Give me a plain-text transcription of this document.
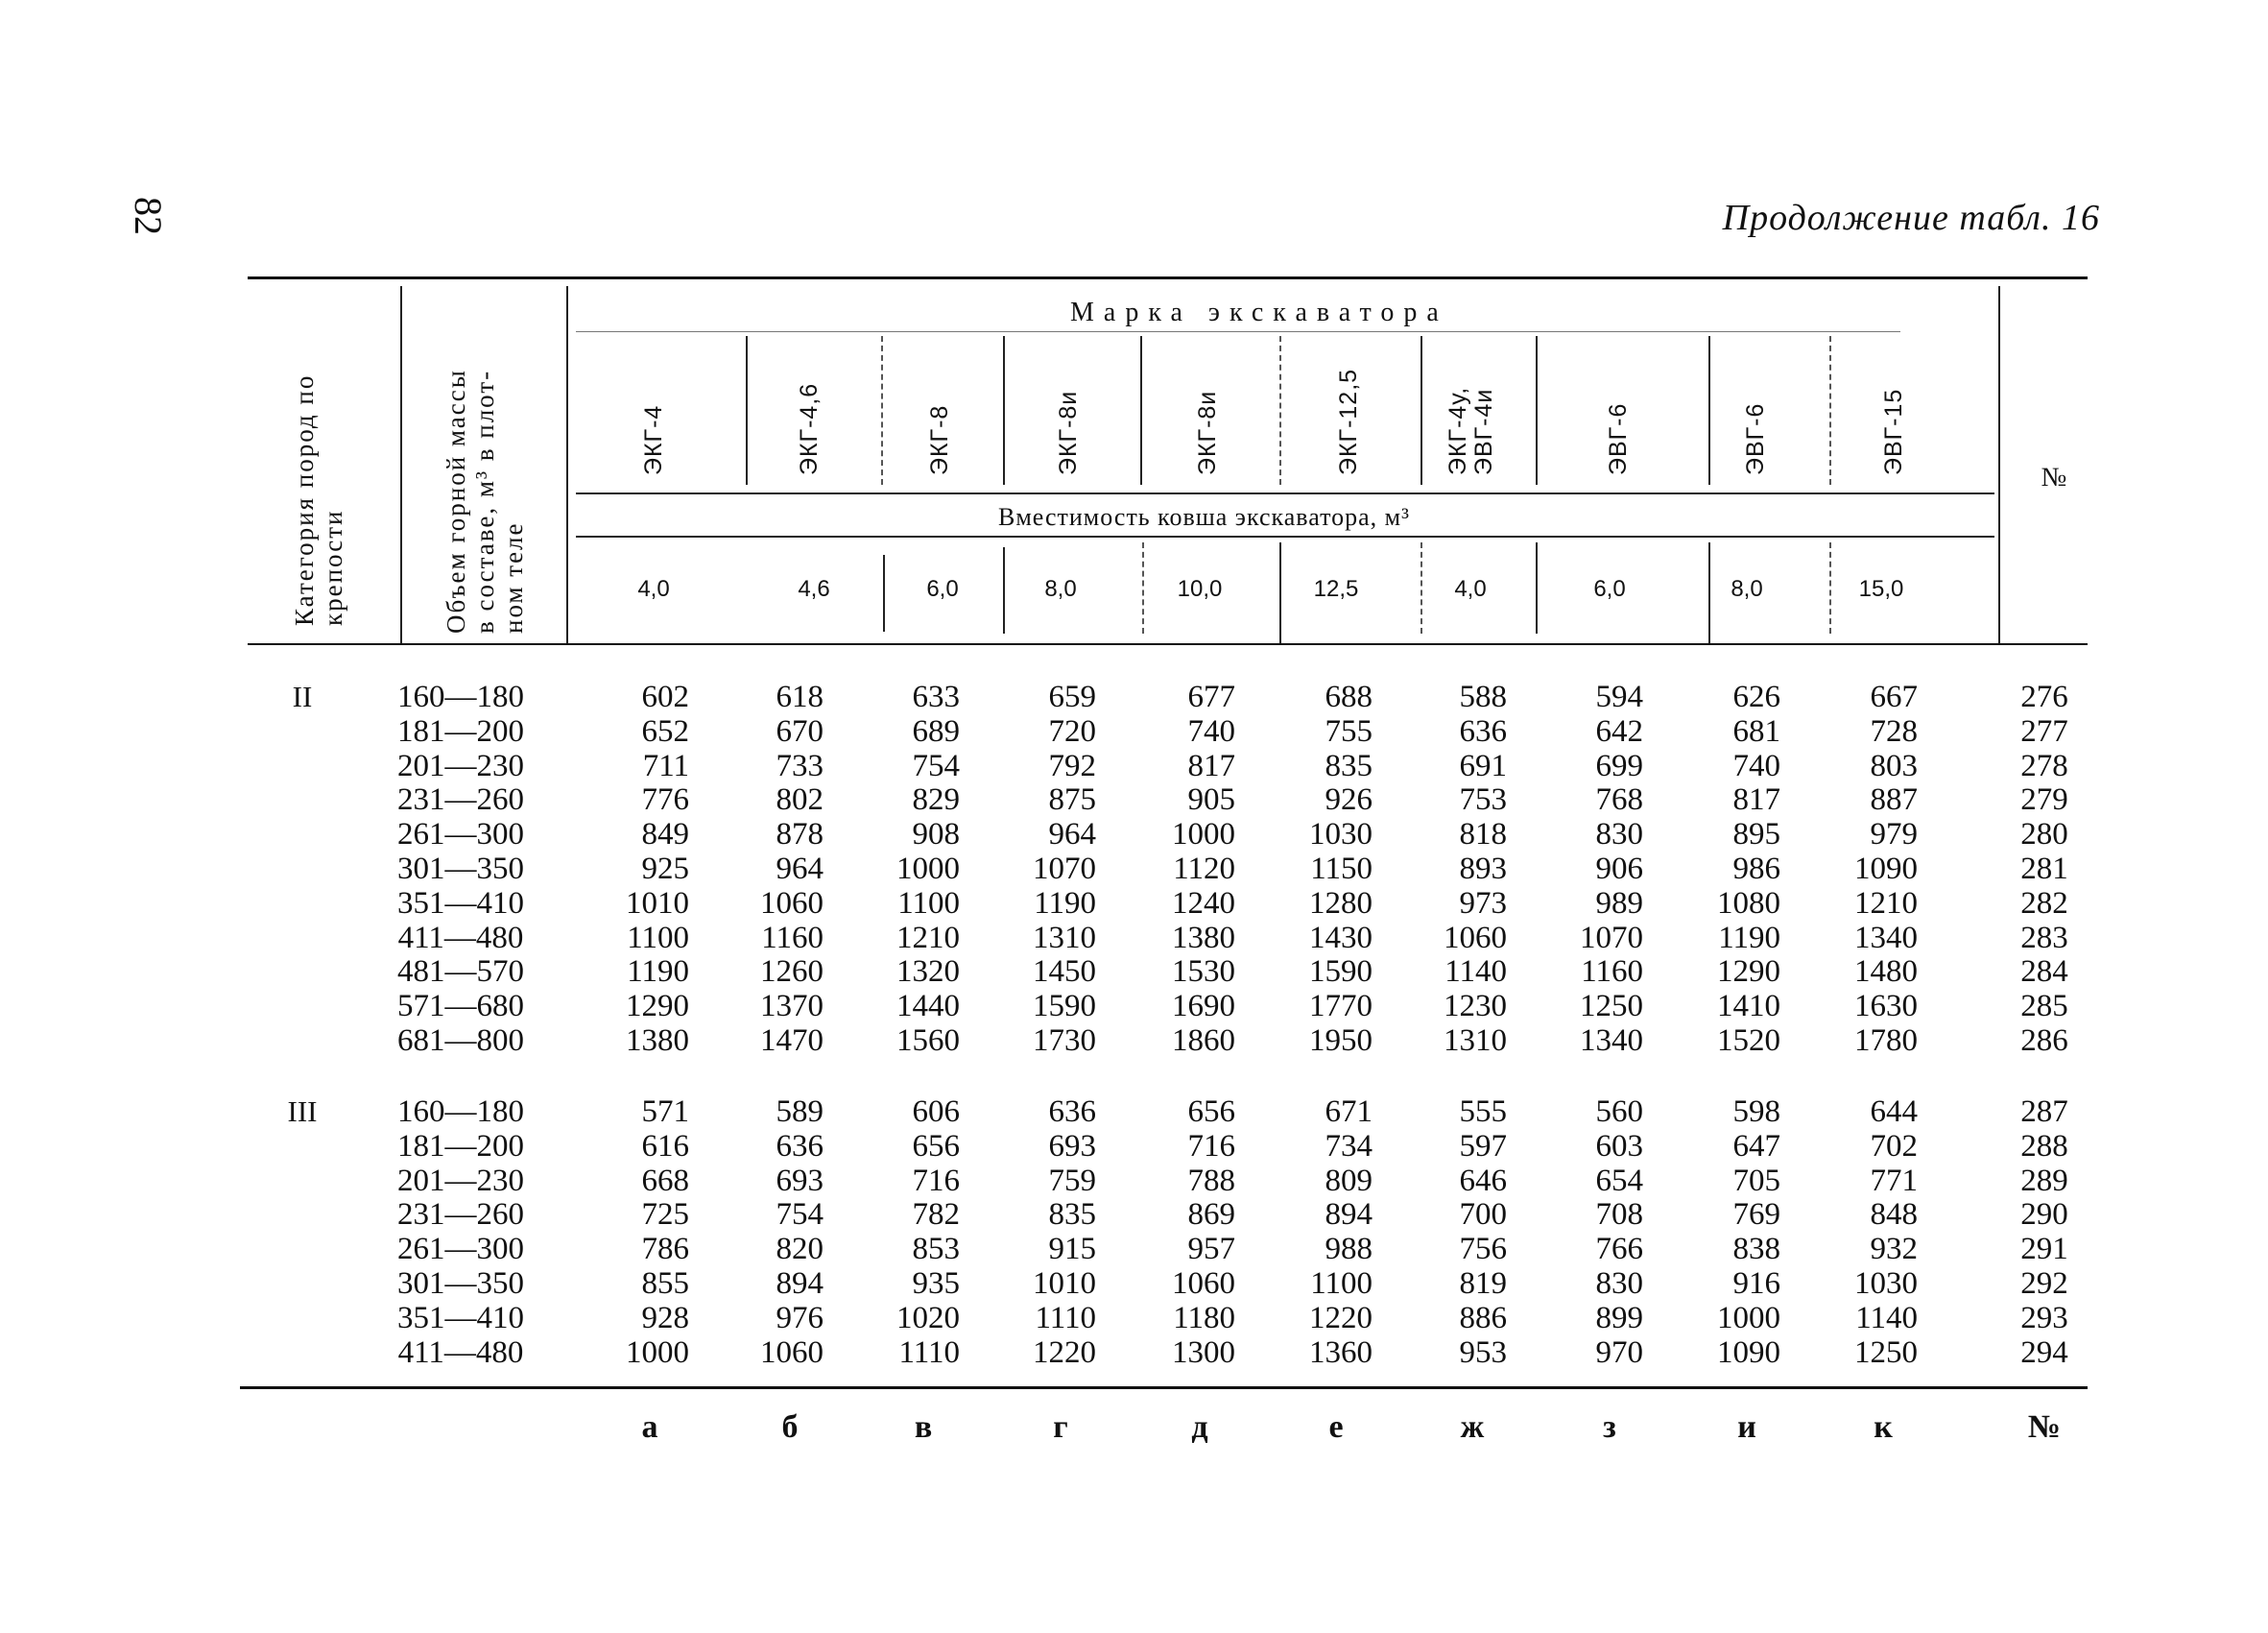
82	Продолжение табл. 16
Категория пород по крепости	Объем горной массы в составе, м³ в плот- ном теле
Марка экскаватора
Вместимость ковша экскаватора, м³
№
ЭКГ-4	ЭКГ-4,6	ЭКГ-8	ЭКГ-8и	ЭКГ-8и	ЭКГ-12,5	ЭКГ-4у, ЭВГ-4и	ЭВГ-6	ЭВГ-6	ЭВГ-15
4,0	4,6	6,0	8,0	10,0	12,5	4,0	6,0	8,0	15,0
II	160—180	602	618	633	659	677	688	588	594	626	667	276
181—200	652	670	689	720	740	755	636	642	681	728	277
201—230	711	733	754	792	817	835	691	699	740	803	278
231—260	776	802	829	875	905	926	753	768	817	887	279
261—300	849	878	908	964	1000	1030	818	830	895	979	280
301—350	925	964	1000	1070	1120	1150	893	906	986	1090	281
351—410	1010	1060	1100	1190	1240	1280	973	989	1080	1210	282
411—480	1100	1160	1210	1310	1380	1430	1060	1070	1190	1340	283
481—570	1190	1260	1320	1450	1530	1590	1140	1160	1290	1480	284
571—680	1290	1370	1440	1590	1690	1770	1230	1250	1410	1630	285
681—800	1380	1470	1560	1730	1860	1950	1310	1340	1520	1780	286
III	160—180	571	589	606	636	656	671	555	560	598	644	287
181—200	616	636	656	693	716	734	597	603	647	702	288
201—230	668	693	716	759	788	809	646	654	705	771	289
231—260	725	754	782	835	869	894	700	708	769	848	290
261—300	786	820	853	915	957	988	756	766	838	932	291
301—350	855	894	935	1010	1060	1100	819	830	916	1030	292
351—410	928	976	1020	1110	1180	1220	886	899	1000	1140	293
411—480	1000	1060	1110	1220	1300	1360	953	970	1090	1250	294
а	б	в	г	д	е	ж	з	и	к	№
